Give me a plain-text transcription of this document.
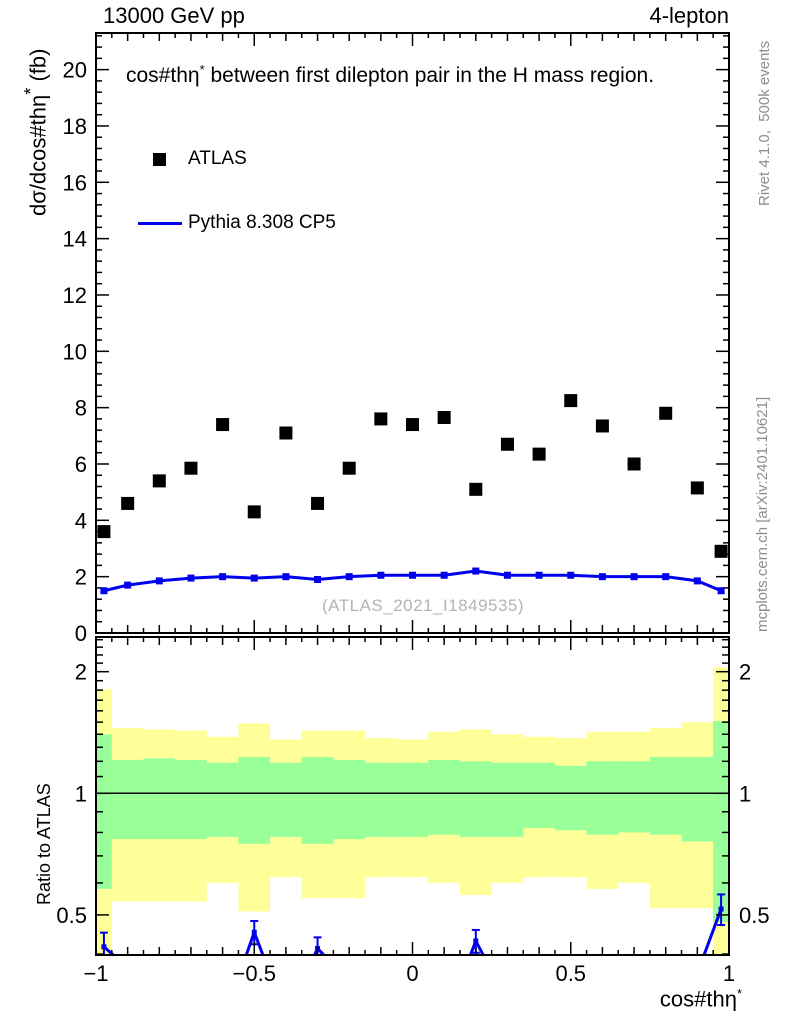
13000 GeV pp	4-lepton
0
2
4
6
8
10
12
14
16
18
20
0.5	0.5
1	1
2	2
−1	−0.5	0	0.5	1
cos#thη* between first dilepton pair in the H mass region.

ATLAS

Pythia 8.308 CP5

(ATLAS_2021_I1849535)
dσ/dcos#thη* (fb)
Ratio to ATLAS
Rivet 4.1.0,  500k events
mcplots.cern.ch [arXiv:2401.10621]
cos#thη*
